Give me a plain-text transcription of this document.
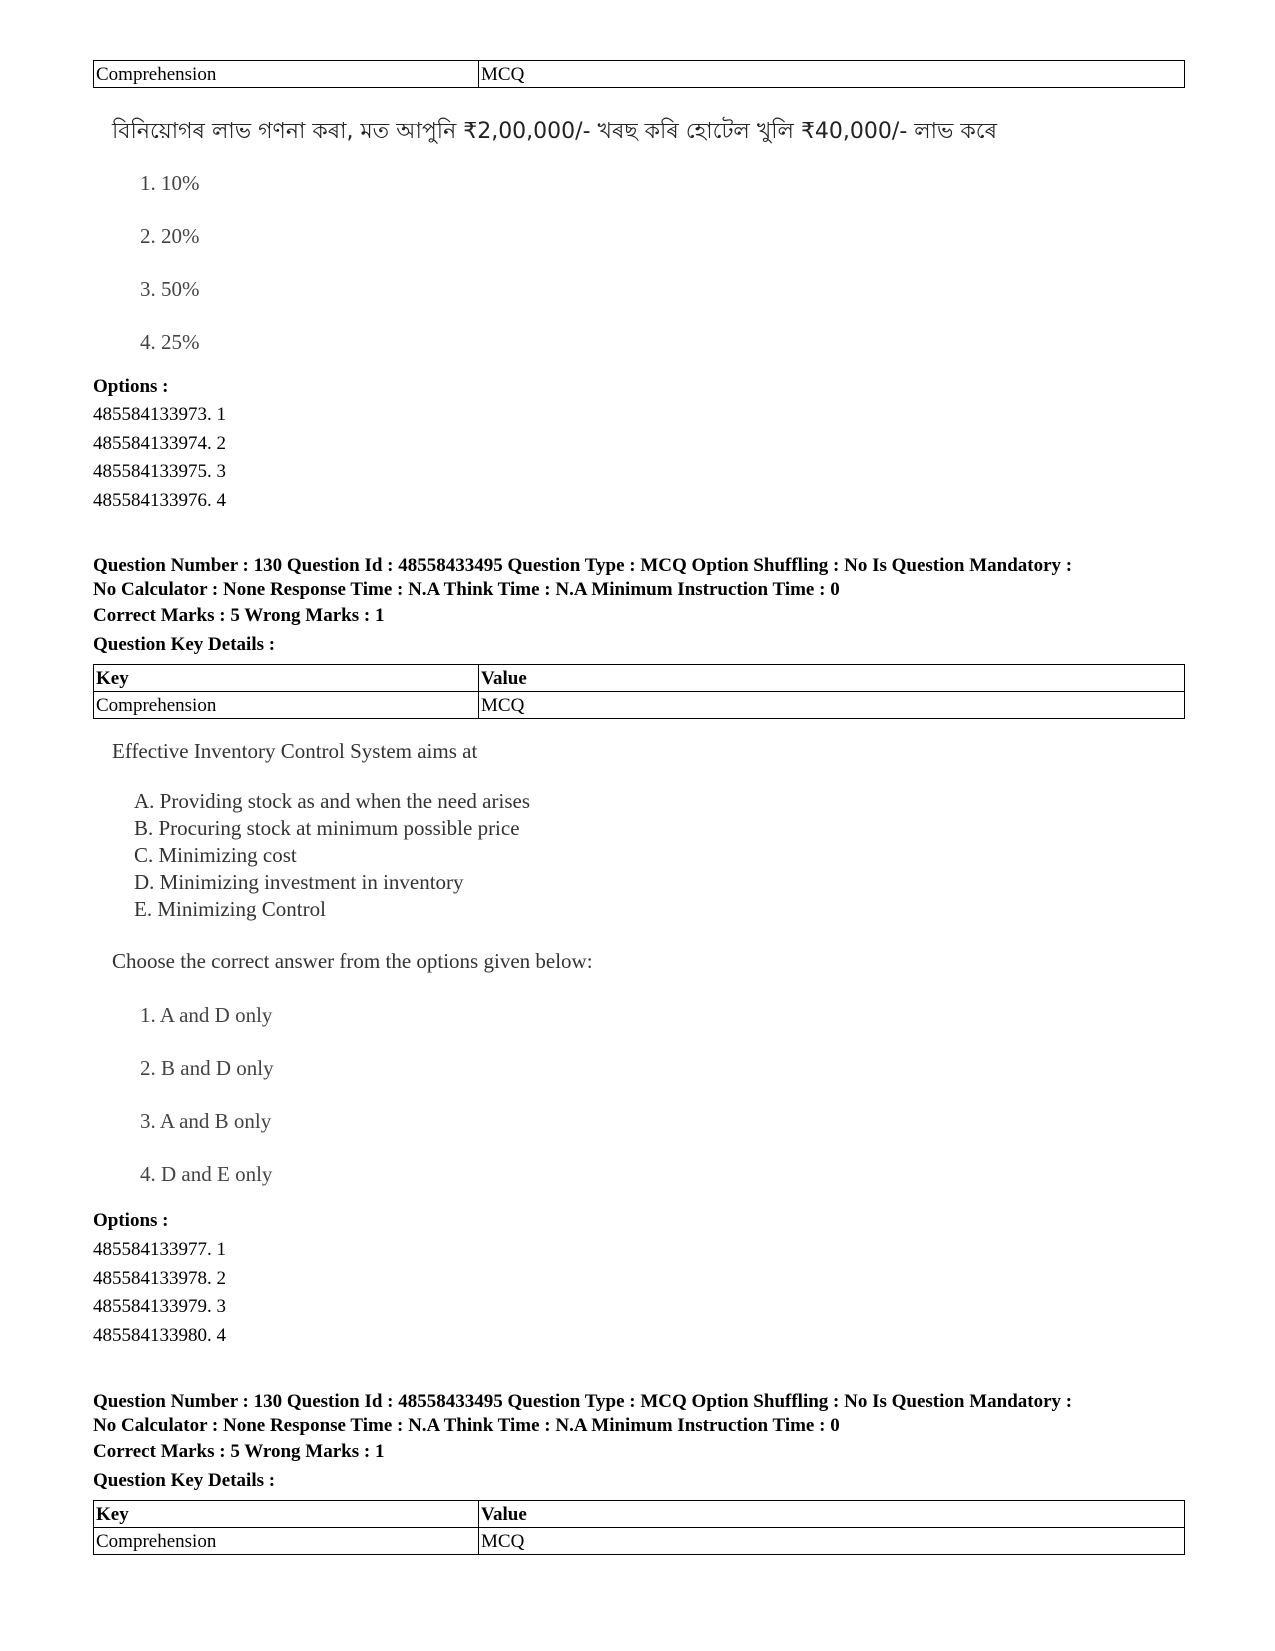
Comprehension	MCQ
বিনিয়োগৰ লাভ গণনা কৰা, মত আপুনি ₹2,00,000/- খৰছ কৰি হোটেল খুলি ₹40,000/- লাভ কৰে
1. 10%
2. 20%
3. 50%
4. 25%
Options :
485584133973. 1
485584133974. 2
485584133975. 3
485584133976. 4
Question Number : 130 Question Id : 48558433495 Question Type : MCQ Option Shuffling : No Is Question Mandatory :
No Calculator : None Response Time : N.A Think Time : N.A Minimum Instruction Time : 0
Correct Marks : 5 Wrong Marks : 1
Question Key Details :
Key	Value
Comprehension	MCQ
Effective Inventory Control System aims at
A. Providing stock as and when the need arises
B. Procuring stock at minimum possible price
C. Minimizing cost
D. Minimizing investment in inventory
E. Minimizing Control
Choose the correct answer from the options given below:
1. A and D only
2. B and D only
3. A and B only
4. D and E only
Options :
485584133977. 1
485584133978. 2
485584133979. 3
485584133980. 4
Question Number : 130 Question Id : 48558433495 Question Type : MCQ Option Shuffling : No Is Question Mandatory :
No Calculator : None Response Time : N.A Think Time : N.A Minimum Instruction Time : 0
Correct Marks : 5 Wrong Marks : 1
Question Key Details :
Key	Value
Comprehension	MCQ
